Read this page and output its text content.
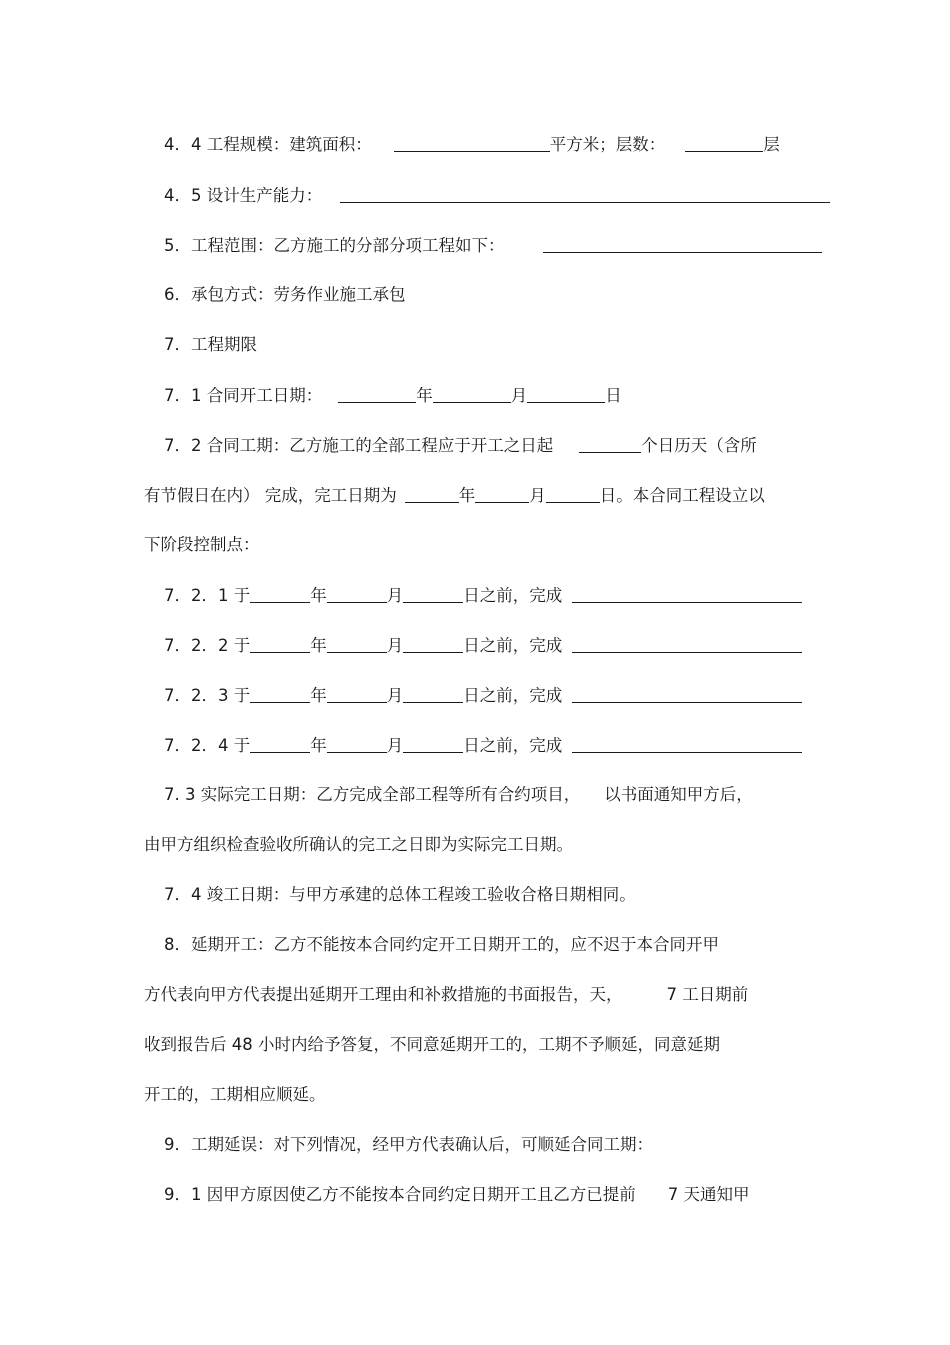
4．4 工程规模：建筑面积：	平方米；层数：	层
4．5 设计生产能力：
5．工程范围：乙方施工的分部分项工程如下：
6．承包方式：劳务作业施工承包
7．工程期限
7．1 合同开工日期：	年	月	日
7．2 合同工期：乙方施工的全部工程应于开工之日起	个日历天（含所
有节假日在内） 完成，完工日期为	年	月	日。本合同工程设立以
下阶段控制点：
7．2．1 于	年	月	日之前，完成
7．2．2 于	年	月	日之前，完成
7．2．3 于	年	月	日之前，完成
7．2．4 于	年	月	日之前，完成
7. 3 实际完工日期：乙方完成全部工程等所有合约项目， 以书面通知甲方后，
由甲方组织检查验收所确认的完工之日即为实际完工日期。
7．4 竣工日期：与甲方承建的总体工程竣工验收合格日期相同。
8．延期开工：乙方不能按本合同约定开工日期开工的，应不迟于本合同开甲
方代表向甲方代表提出延期开工理由和补救措施的书面报告，天，	7 工日期前
收到报告后 48 小时内给予答复，不同意延期开工的，工期不予顺延，同意延期
开工的，工期相应顺延。
9．工期延误：对下列情况，经甲方代表确认后，可顺延合同工期：
9．1 因甲方原因使乙方不能按本合同约定日期开工且乙方已提前 7 天通知甲
